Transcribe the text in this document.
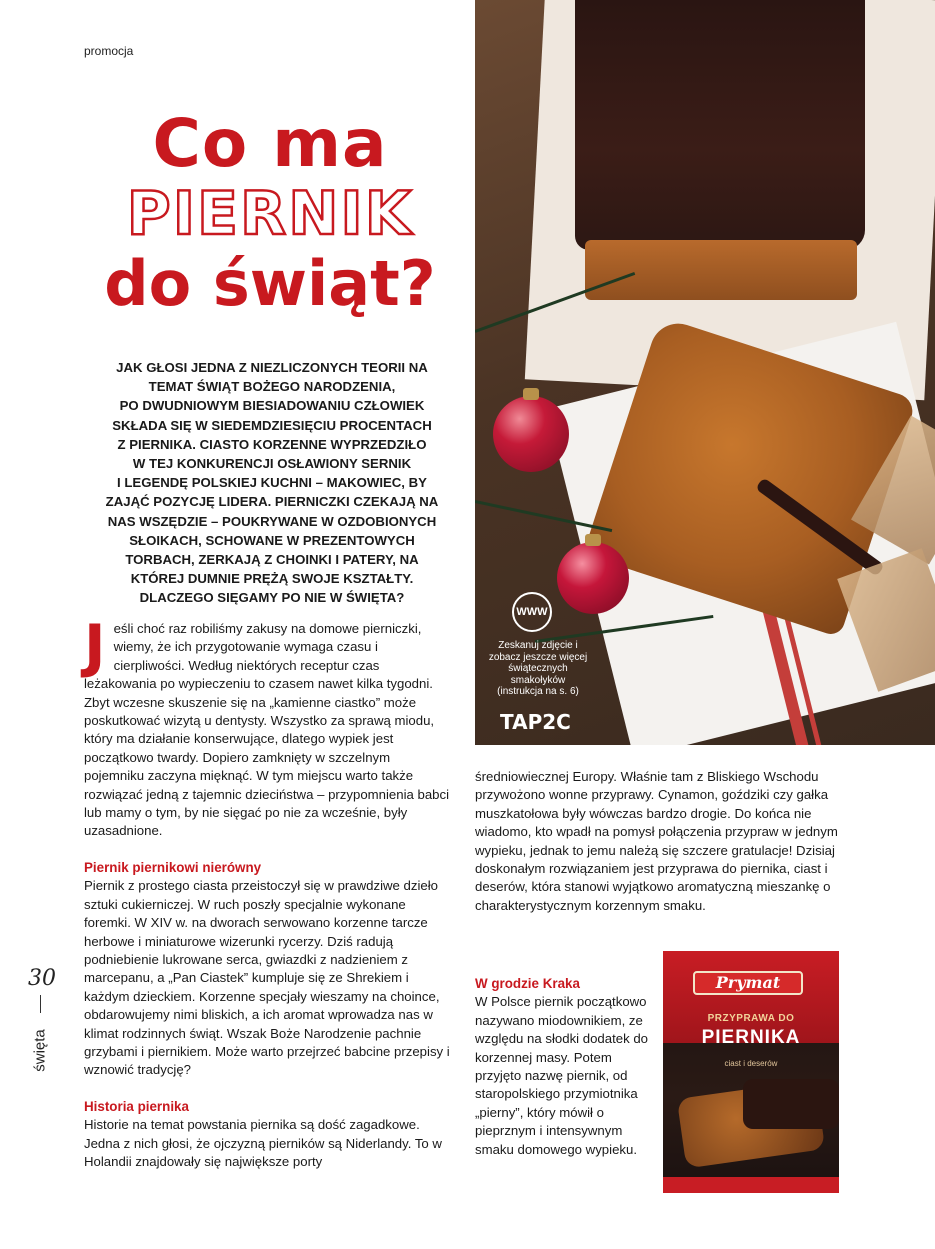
promocja
Co ma
PIERNIK
do świąt?
JAK GŁOSI JEDNA Z NIEZLICZONYCH TEORII NA
TEMAT ŚWIĄT BOŻEGO NARODZENIA,
PO DWUDNIOWYM BIESIADOWANIU CZŁOWIEK
SKŁADA SIĘ W SIEDEMDZIESIĘCIU PROCENTACH
Z PIERNIKA. CIASTO KORZENNE WYPRZEDZIŁO
W TEJ KONKURENCJI OSŁAWIONY SERNIK
I LEGENDĘ POLSKIEJ KUCHNI – MAKOWIEC, BY
ZAJĄĆ POZYCJĘ LIDERA. PIERNICZKI CZEKAJĄ NA
NAS WSZĘDZIE – POUKRYWANE W OZDOBIONYCH
SŁOIKACH, SCHOWANE W PREZENTOWYCH
TORBACH, ZERKAJĄ Z CHOINKI I PATERY, NA
KTÓREJ DUMNIE PRĘŻĄ SWOJE KSZTAŁTY.
DLACZEGO SIĘGAMY PO NIE W ŚWIĘTA?

Jeśli choć raz robiliśmy zakusy na domowe pierniczki, wiemy, że ich przygotowanie wymaga czasu i cierpliwości. Według niektórych receptur czas leżakowania po wypieczeniu to czasem nawet kilka tygodni. Zbyt wczesne skuszenie się na „kamienne ciastko” może poskutkować wizytą u dentysty. Wszystko za sprawą miodu, który ma działanie konserwujące, dlatego wypiek jest początkowo twardy. Dopiero zamknięty w szczelnym pojemniku zaczyna mięknąć. W tym miejscu warto także rozwiązać jedną z tajemnic dzieciństwa – przypomnienia babci lub mamy o tym, by nie sięgać po nie za wcześnie, były uzasadnione.

Piernik piernikowi nierówny

Piernik z prostego ciasta przeistoczył się w prawdziwe dzieło sztuki cukierniczej. W ruch poszły specjalnie wykonane foremki. W XIV w. na dworach serwowano korzenne tarcze herbowe i miniaturowe wizerunki rycerzy. Dziś radują podniebienie lukrowane serca, gwiazdki z nadzieniem z marcepanu, a „Pan Ciastek” kumpluje się ze Shrekiem i każdym dzieckiem. Korzenne specjały wieszamy na choince, obdarowujemy nimi bliskich, a ich aromat wprowadza nas w klimat rodzinnych świąt. Wszak Boże Narodzenie pachnie grzybami i piernikiem. Może warto przejrzeć babcine przepisy i wznowić tradycję?

Historia piernika

Historie na temat powstania piernika są dość zagadkowe. Jedna z nich głosi, że ojczyzną pierników są Niderlandy. To w Holandii znajdowały się największe porty

średniowiecznej Europy. Właśnie tam z Bliskiego Wschodu przywożono wonne przyprawy. Cynamon, goździki czy gałka muszkatołowa były wówczas bardzo drogie. Do końca nie wiadomo, kto wpadł na pomysł połączenia przypraw w jednym wypieku, jednak to jemu należą się szczere gratulacje! Dzisiaj doskonałym rozwiązaniem jest przyprawa do piernika, ciast i deserów, która stanowi wyjątkowo aromatyczną mieszankę o charakterystycznym korzennym smaku.

W grodzie Kraka

W Polsce piernik początkowo nazywano miodownikiem, ze względu na słodki dodatek do korzennej masy. Potem przyjęto nazwę piernik, od staropolskiego przymiotnika „pierny”, który mówił o pieprznym i intensywnym smaku domowego wypieku.

WWW
Zeskanuj zdjęcie i zobacz jeszcze więcej świątecznych smakołyków (instrukcja na s. 6)
TAP2C
Prymat
PRZYPRAWA DO
PIERNIKA
ciast i deserów
30
święta
